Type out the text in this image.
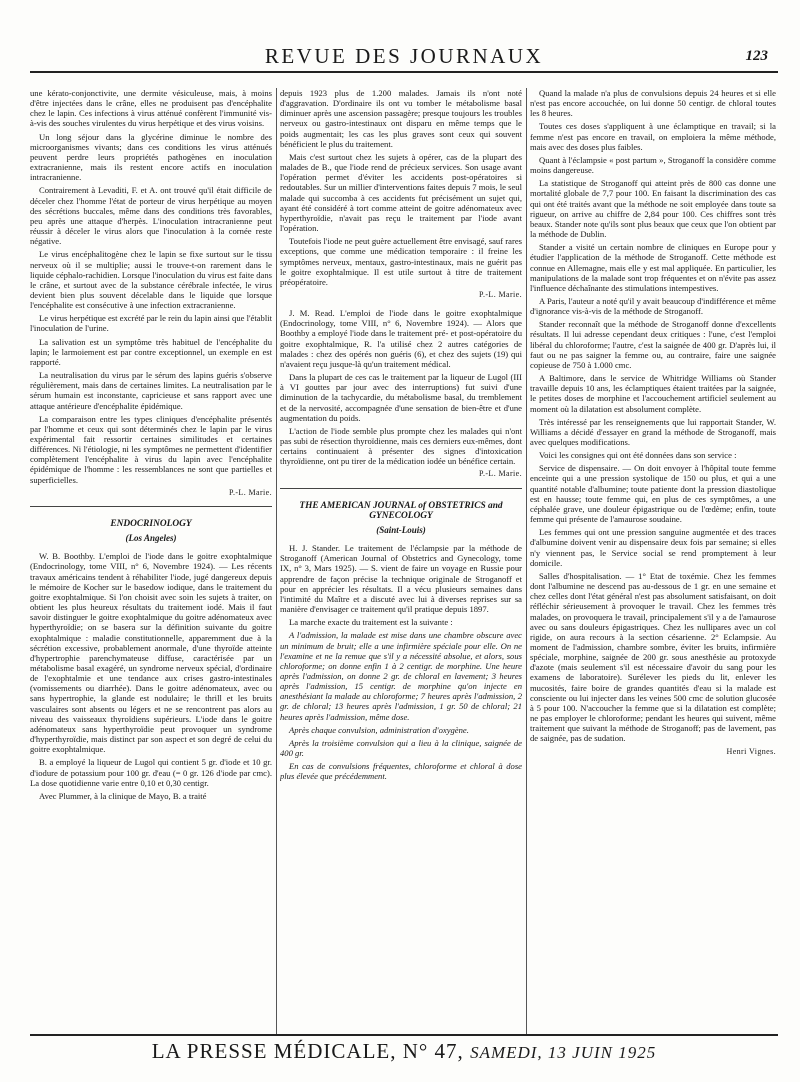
REVUE DES JOURNAUX	123

une kérato-conjonctivite, une dermite vésiculeuse, mais, à moins d'être injectées dans le crâne, elles ne produisent pas d'encéphalite chez le lapin. Ces infections à virus atténué confèrent l'immunité vis-à-vis des souches virulentes du virus herpétique et des virus voisins.

Un long séjour dans la glycérine diminue le nombre des microorganismes vivants; dans ces conditions les virus atténués peuvent perdre leurs propriétés pathogènes en inoculation extracranienne, mais ils restent encore actifs en inoculation intracranienne.

Contrairement à Levaditi, F. et A. ont trouvé qu'il était difficile de déceler chez l'homme l'état de porteur de virus herpétique au moyen des sécrétions buccales, même dans des conditions très favorables, peu après une attaque d'herpès. L'inoculation intracranienne peut réussir à déceler le virus alors que l'inoculation à la cornée reste négative.

Le virus encéphalitogène chez le lapin se fixe surtout sur le tissu nerveux où il se multiplie; aussi le trouve-t-on rarement dans le liquide céphalo-rachidien. Lorsque l'inoculation du virus est faite dans le crâne, et surtout avec de la substance cérébrale infectée, le virus devient bien plus souvent décelable dans le liquide que lorsque l'encéphalite est consécutive à une infection extracranienne.

Le virus herpétique est excrété par le rein du lapin ainsi que l'établit l'inoculation de l'urine.

La salivation est un symptôme très habituel de l'encéphalite du lapin; le larmoiement est par contre exceptionnel, un exemple en est rapporté.

La neutralisation du virus par le sérum des lapins guéris s'observe régulièrement, mais dans de certaines limites. La neutralisation par le sérum humain est inconstante, capricieuse et sans rapport avec une attaque antérieure d'encéphalite épidémique.

La comparaison entre les types cliniques d'encéphalite présentés par l'homme et ceux qui sont déterminés chez le lapin par le virus expérimental fait ressortir certaines similitudes et certaines différences. Ni l'étiologie, ni les symptômes ne permettent d'identifier complètement l'encéphalite à virus du lapin avec l'encéphalite épidémique de l'homme : les ressemblances ne sont que partielles et superficielles.

P.-L. Marie.
ENDOCRINOLOGY
(Los Angeles)

W. B. Boothby. L'emploi de l'iode dans le goitre exophtalmique (Endocrinology, tome VIII, n° 6, Novembre 1924). — Les récents travaux américains tendent à réhabiliter l'iode, jugé dangereux depuis le mémoire de Kocher sur le basedow iodique, dans le traitement du goitre exophtalmique. Si l'on choisit avec soin les sujets à traiter, on obtient les plus heureux résultats du traitement iodé. Mais il faut savoir distinguer le goitre exophtalmique du goitre adénomateux avec hyperthyroïdie; on se basera sur la définition suivante du goitre exophtalmique : maladie constitutionnelle, apparemment due à la sécrétion excessive, probablement anormale, d'une thyroïde atteinte d'hypertrophie parenchymateuse diffuse, caractérisée par un métabolisme basal exagéré, un syndrome nerveux spécial, d'ordinaire de l'exophtalmie et une tendance aux crises gastro-intestinales (vomissements ou diarrhée). Dans le goitre adénomateux, avec ou sans hypertrophie, la glande est nodulaire; le thrill et les bruits vasculaires sont absents ou légers et ne se rencontrent pas alors au niveau des vaisseaux thyroïdiens supérieurs. L'iode dans le goitre adénomateux sans hyperthyroïdie peut provoquer un syndrome d'hyperthyroïdie, mais distinct par son aspect et son degré de celui du goitre exophtalmique.

B. a employé la liqueur de Lugol qui contient 5 gr. d'iode et 10 gr. d'iodure de potassium pour 100 gr. d'eau (= 0 gr. 126 d'iode par cmc). La dose quotidienne varie entre 0,10 et 0,30 centigr.

Avec Plummer, à la clinique de Mayo, B. a traité

depuis 1923 plus de 1.200 malades. Jamais ils n'ont noté d'aggravation. D'ordinaire ils ont vu tomber le métabolisme basal diminuer après une ascension passagère; presque toujours les troubles nerveux ou gastro-intestinaux ont disparu en même temps que le poids augmentait; les cas les plus graves sont ceux qui souvent bénéficient le plus du traitement.

Mais c'est surtout chez les sujets à opérer, cas de la plupart des malades de B., que l'iode rend de précieux services. Son usage avant l'opération permet d'éviter les accidents post-opératoires si redoutables. Sur un millier d'interventions faites depuis 7 mois, le seul malade qui succomba à ces accidents fut précisément un sujet qui, ayant été considéré à tort comme atteint de goitre adénomateux avec hyperthyroïdie, n'avait pas reçu le traitement par l'iode avant l'opération.

Toutefois l'iode ne peut guère actuellement être envisagé, sauf rares exceptions, que comme une médication temporaire : il freine les symptômes nerveux, mentaux, gastro-intestinaux, mais ne guérit pas le goitre exophtalmique. Il est utile surtout à titre de traitement préopératoire.

P.-L. Marie.

J. M. Read. L'emploi de l'iode dans le goitre exophtalmique (Endocrinology, tome VIII, n° 6, Novembre 1924). — Alors que Boothby a employé l'iode dans le traitement pré- et post-opératoire du goitre exophtalmique, R. l'a utilisé chez 2 autres catégories de malades : chez des opérés non guéris (6), et chez des sujets (19) qui n'avaient reçu jusque-là qu'un traitement médical.

Dans la plupart de ces cas le traitement par la liqueur de Lugol (III à VI gouttes par jour avec des interruptions) fut suivi d'une diminution de la tachycardie, du métabolisme basal, du tremblement et de la nervosité, accompagnée d'une sensation de bien-être et d'une augmentation du poids.

L'action de l'iode semble plus prompte chez les malades qui n'ont pas subi de résection thyroïdienne, mais ces derniers eux-mêmes, dont certains continuaient à présenter des signes d'intoxication thyroïdienne, ont pu tirer de la médication iodée un bénéfice certain.

P.-L. Marie.
THE AMERICAN JOURNAL of OBSTETRICS and GYNECOLOGY
(Saint-Louis)

H. J. Stander. Le traitement de l'éclampsie par la méthode de Stroganoff (American Journal of Obstetrics and Gynecology, tome IX, n° 3, Mars 1925). — S. vient de faire un voyage en Russie pour apprendre de façon précise la technique originale de Stroganoff et pour en apprécier les résultats. Il a vécu plusieurs semaines dans l'intimité du Maître et a discuté avec lui à diverses reprises sur sa manière d'envisager ce traitement qu'il pratique depuis 1897.

La marche exacte du traitement est la suivante :

A l'admission, la malade est mise dans une chambre obscure avec un minimum de bruit; elle a une infirmière spéciale pour elle. On ne l'examine et ne la remue que s'il y a nécessité absolue, et alors, sous chloroforme; on donne enfin 1 à 2 centigr. de morphine. Une heure après l'admission, on donne 2 gr. de chloral en lavement; 3 heures après l'admission, 15 centigr. de morphine qu'on injecte en anesthésiant la malade au chloroforme; 7 heures après l'admission, 2 gr. de chloral; 13 heures après l'admission, 1 gr. 50 de chloral; 21 heures après l'admission, même dose.

Après chaque convulsion, administration d'oxygène.

Après la troisième convulsion qui a lieu à la clinique, saignée de 400 gr.

En cas de convulsions fréquentes, chloroforme et chloral à dose plus élevée que précédemment.

Quand la malade n'a plus de convulsions depuis 24 heures et si elle n'est pas encore accouchée, on lui donne 50 centigr. de chloral toutes les 8 heures.

Toutes ces doses s'appliquent à une éclamptique en travail; si la femme n'est pas encore en travail, on emploiera la même méthode, mais avec des doses plus faibles.

Quant à l'éclampsie « post partum », Stroganoff la considère comme moins dangereuse.

La statistique de Stroganoff qui atteint près de 800 cas donne une mortalité globale de 7,7 pour 100. En faisant la discrimination des cas qui ont été traités avant que la méthode ne soit employée dans toute sa rigueur, on arrive au chiffre de 2,84 pour 100. Ces chiffres sont très beaux. Stander note qu'ils sont plus beaux que ceux que l'on obtient par la méthode de Dublin.

Stander a visité un certain nombre de cliniques en Europe pour y étudier l'application de la méthode de Stroganoff. Cette méthode est connue en Allemagne, mais elle y est mal appliquée. En particulier, les manipulations de la malade sont trop fréquentes et on n'évite pas assez l'influence déchaînante des stimulations intempestives.

A Paris, l'auteur a noté qu'il y avait beaucoup d'indifférence et même d'ignorance vis-à-vis de la méthode de Stroganoff.

Stander reconnaît que la méthode de Stroganoff donne d'excellents résultats. Il lui adresse cependant deux critiques : l'une, c'est l'emploi libéral du chloroforme; l'autre, c'est la saignée de 400 gr. D'après lui, il faut ou ne pas saigner la femme ou, au contraire, faire une saignée copieuse de 750 à 1.000 cmc.

A Baltimore, dans le service de Whitridge Williams où Stander travaille depuis 10 ans, les éclamptiques étaient traitées par la saignée, le petites doses de morphine et l'accouchement artificiel seulement au moment où la dilatation est absolument complète.

Très intéressé par les renseignements que lui rapportait Stander, W. Williams a décidé d'essayer en grand la méthode de Stroganoff, mais avec quelques modifications.

Voici les consignes qui ont été données dans son service :

Service de dispensaire. — On doit envoyer à l'hôpital toute femme enceinte qui a une pression systolique de 150 ou plus, et qui a une quantité notable d'albumine; toute patiente dont la pression diastolique est en hausse; toute femme qui, en plus de ces symptômes, a une céphalée grave, une douleur épigastrique ou de l'œdème; enfin, toute femme qui présente de l'amaurose soudaine.

Les femmes qui ont une pression sanguine augmentée et des traces d'albumine doivent venir au dispensaire deux fois par semaine; si elles n'y viennent pas, le Service social se rend promptement à leur domicile.

Salles d'hospitalisation. — 1° Etat de toxémie. Chez les femmes dont l'albumine ne descend pas au-dessous de 1 gr. en une semaine et chez celles dont l'état général n'est pas absolument satisfaisant, on doit réfléchir sérieusement à provoquer le travail. Chez les femmes très malades, on provoquera le travail, principalement s'il y a de l'amaurose avec ou sans douleurs épigastriques. Chez les nullipares avec un col rigide, on aura recours à la section césarienne. 2° Eclampsie. Au moment de l'admission, chambre sombre, éviter les bruits, infirmière spéciale, morphine, saignée de 200 gr. sous anesthésie au protoxyde d'azote (mais seulement s'il est nécessaire d'avoir du sang pour les examens de laboratoire). Surélever les pieds du lit, enlever les mucosités, faire boire de grandes quantités d'eau si la malade est consciente ou lui injecter dans les veines 500 cmc de solution glucosée à 5 pour 100. N'accoucher la femme que si la dilatation est complète; ne pas employer le chloroforme; pendant les heures qui suivent, même traitement que suivant la méthode de Stroganoff; pas de lavement, pas de saignée, pas de sudation.

Henri Vignes.
LA PRESSE MÉDICALE, N° 47, SAMEDI, 13 JUIN 1925
